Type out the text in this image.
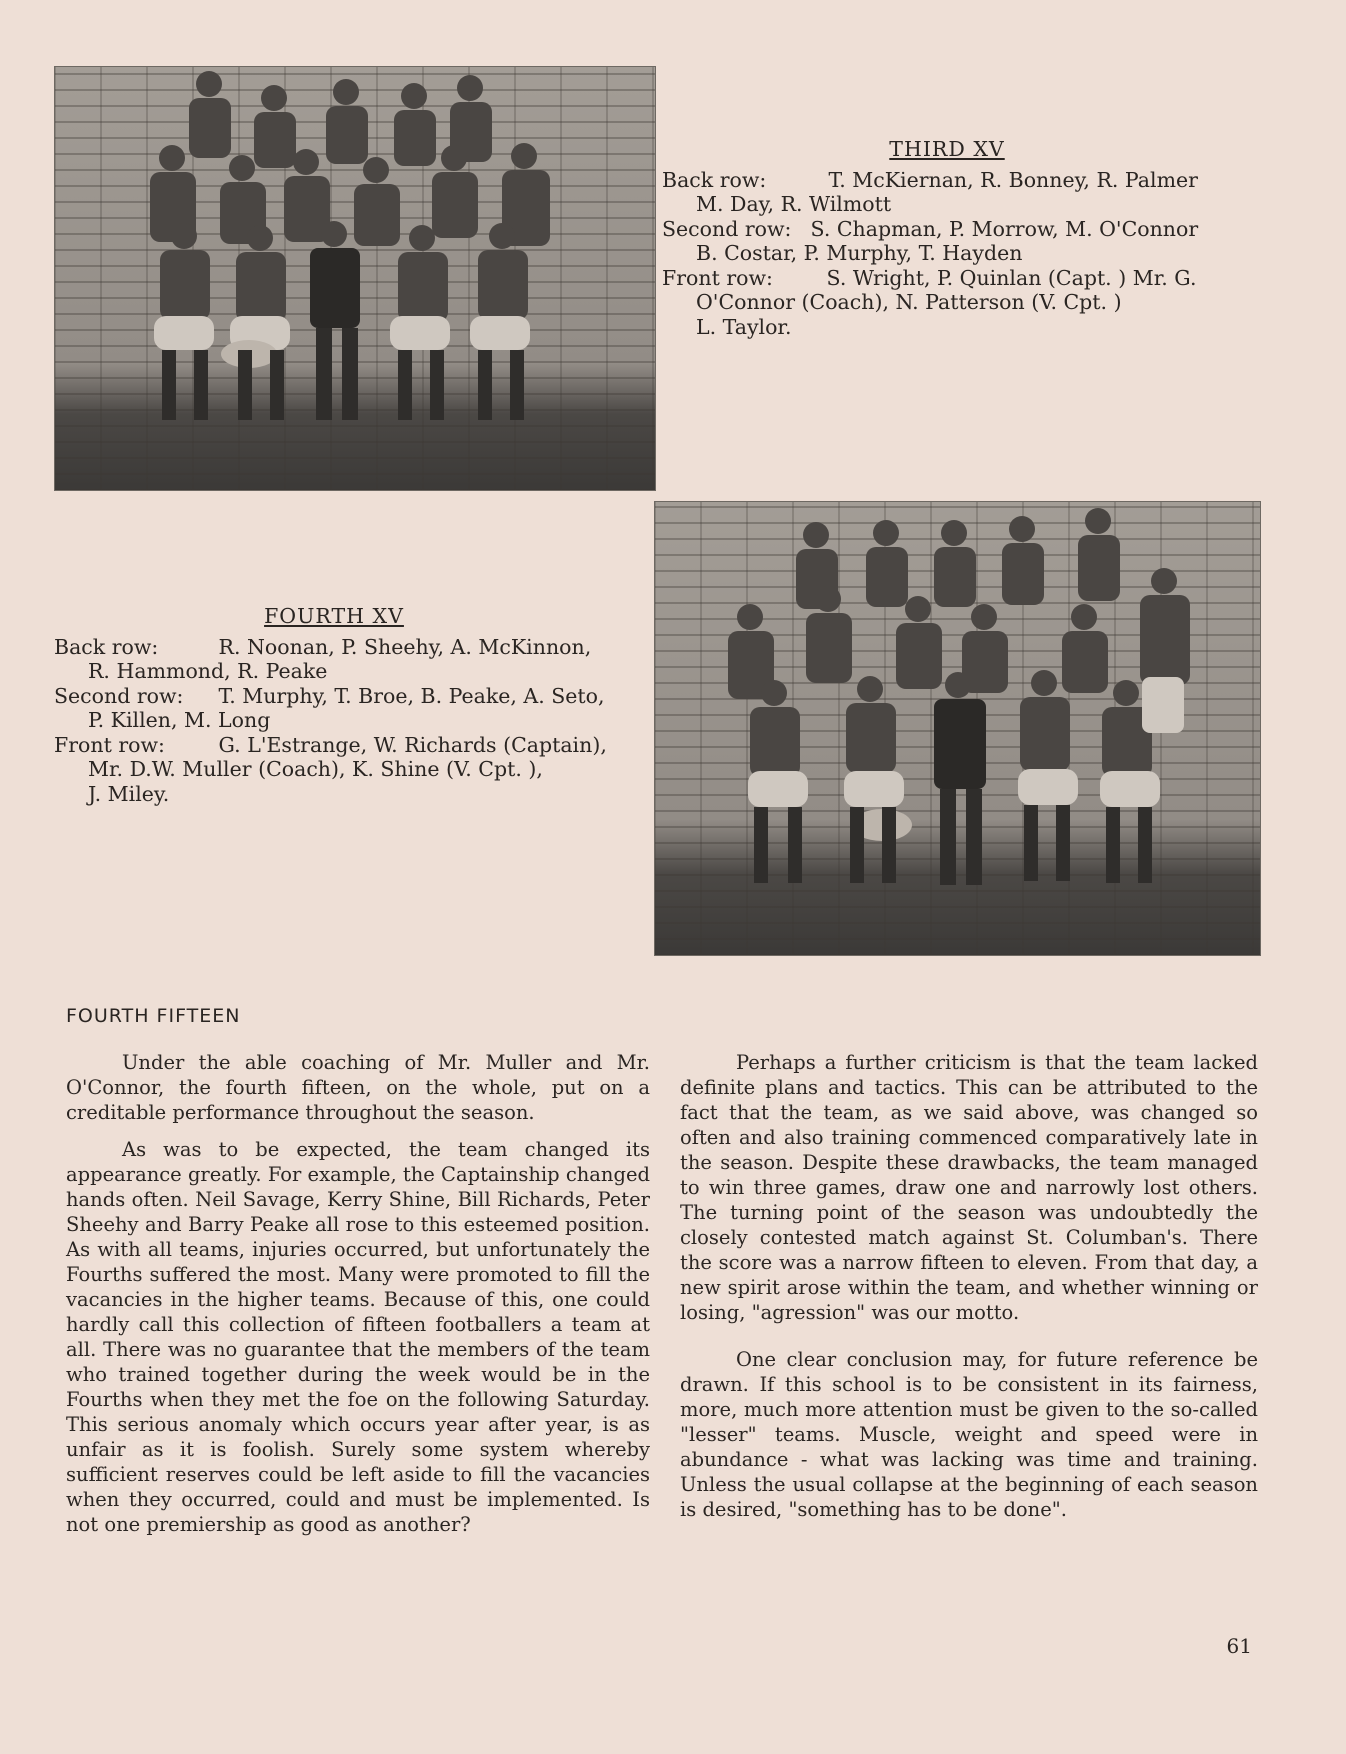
THIRD XV
Back row:	T. McKiernan, R. Bonney, R. Palmer
M. Day, R. Wilmott
Second row: S. Chapman, P. Morrow, M. O'Connor
B. Costar, P. Murphy, T. Hayden
Front row:	S. Wright, P. Quinlan (Capt. ) Mr. G.
O'Connor (Coach), N. Patterson (V. Cpt. )
L. Taylor.
FOURTH XV
Back row:	R. Noonan, P. Sheehy, A. McKinnon,
R. Hammond, R. Peake
Second row: T. Murphy, T. Broe, B. Peake, A. Seto,
P. Killen, M. Long
Front row:	G. L'Estrange, W. Richards (Captain),
Mr. D.W. Muller (Coach), K. Shine (V. Cpt. ),
J. Miley.
FOURTH FIFTEEN

Under the able coaching of Mr. Muller and Mr. O'Connor, the fourth fifteen, on the whole, put on a creditable performance throughout the season.

As was to be expected, the team changed its appearance greatly. For example, the Captainship changed hands often. Neil Savage, Kerry Shine, Bill Richards, Peter Sheehy and Barry Peake all rose to this esteemed position. As with all teams, injuries occurred, but unfortunately the Fourths suffered the most. Many were promoted to fill the vacancies in the higher teams. Because of this, one could hardly call this collection of fifteen footballers a team at all. There was no guarantee that the members of the team who trained together during the week would be in the Fourths when they met the foe on the following Saturday. This serious anomaly which occurs year after year, is as unfair as it is foolish. Surely some system whereby sufficient reserves could be left aside to fill the vacancies when they occurred, could and must be implemented. Is not one premiership as good as another?

Perhaps a further criticism is that the team lacked definite plans and tactics. This can be attributed to the fact that the team, as we said above, was changed so often and also training commenced comparatively late in the season. Despite these drawbacks, the team managed to win three games, draw one and narrowly lost others. The turning point of the season was undoubtedly the closely contested match against St. Columban's. There the score was a narrow fifteen to eleven. From that day, a new spirit arose within the team, and whether winning or losing, "agression" was our motto.

One clear conclusion may, for future reference be drawn. If this school is to be consistent in its fairness, more, much more attention must be given to the so-called "lesser" teams. Muscle, weight and speed were in abundance - what was lacking was time and training. Unless the usual collapse at the beginning of each season is desired, "something has to be done".

61
